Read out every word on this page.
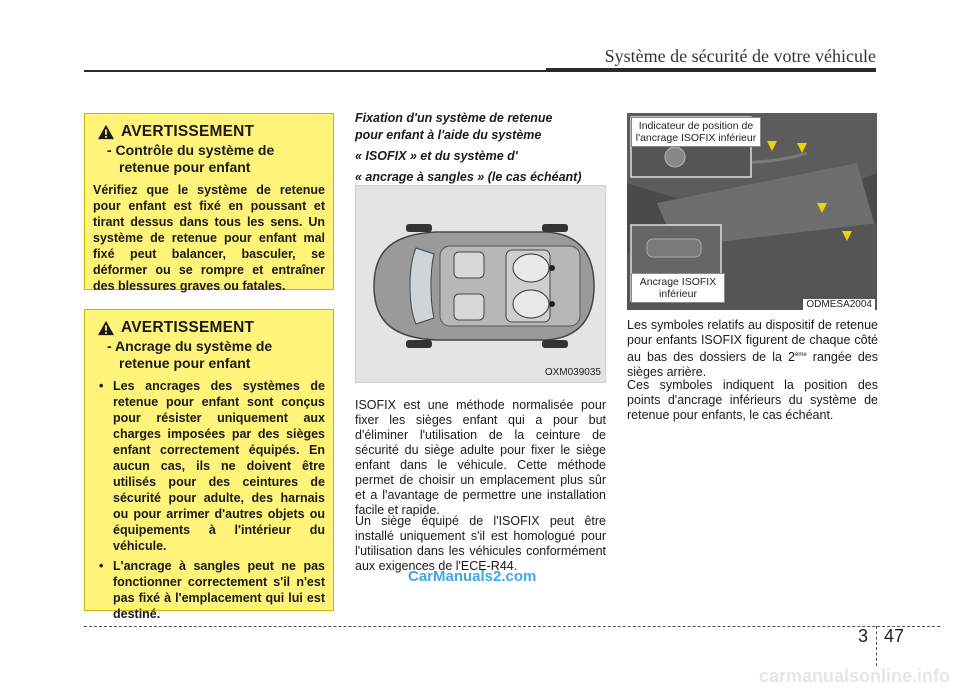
Système de sécurité de votre véhicule
AVERTISSEMENT
- Contrôle du système de retenue pour enfant
Vérifiez que le système de retenue pour enfant est fixé en poussant et tirant dessus dans tous les sens. Un système de retenue pour enfant mal fixé peut balancer, basculer, se déformer ou se rompre et entraîner des blessures graves ou fatales.
AVERTISSEMENT
- Ancrage du système de retenue pour enfant
• Les ancrages des systèmes de retenue pour enfant sont conçus pour résister uniquement aux charges imposées par des sièges enfant correctement équipés. En aucun cas, ils ne doivent être utilisés pour des ceintures de sécurité pour adulte, des harnais ou pour arrimer d'autres objets ou équipements à l'intérieur du véhicule.
• L'ancrage à sangles peut ne pas fonctionner correctement s'il n'est pas fixé à l'emplacement qui lui est destiné.
Fixation d'un système de retenue
pour enfant à l'aide du système
« ISOFIX » et du système d'
« ancrage à sangles » (le cas échéant)
OXM039035
ISOFIX est une méthode normalisée pour fixer les sièges enfant qui a pour but d'éliminer l'utilisation de la ceinture de sécurité du siège adulte pour fixer le siège enfant dans le véhicule. Cette méthode permet de choisir un emplacement plus sûr et a l'avantage de permettre une installation facile et rapide.
Un siège équipé de l'ISOFIX peut être installé uniquement s'il est homologué pour l'utilisation dans les véhicules conformément aux exigences de l'ECE-R44.
CarManuals2.com
Indicateur de position de l'ancrage ISOFIX inférieur
Ancrage ISOFIX inférieur
ODMESA2004
Les symboles relatifs au dispositif de retenue pour enfants ISOFIX figurent de chaque côté au bas des dossiers de la 2ème rangée des sièges arrière.
Ces symboles indiquent la position des points d'ancrage inférieurs du système de retenue pour enfants, le cas échéant.
3 47
carmanualsonline.info
